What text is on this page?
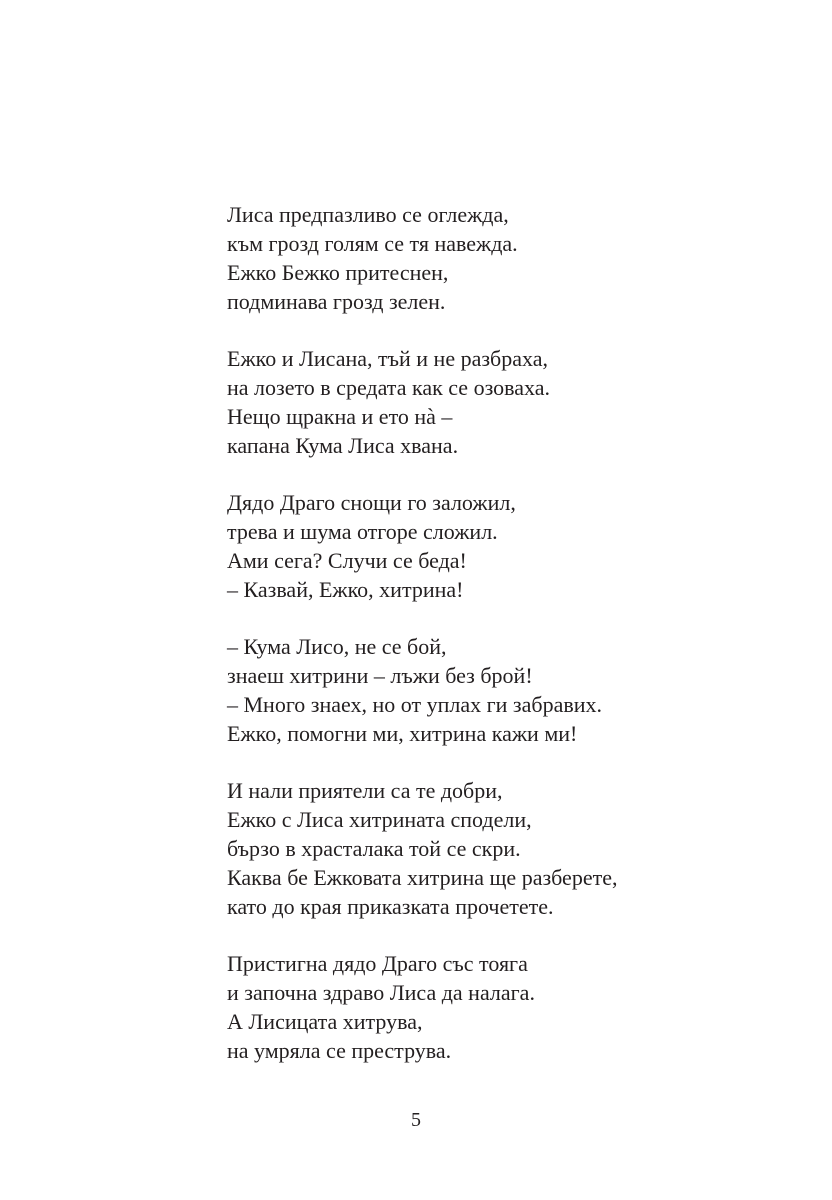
Лиса предпазливо се оглежда,
към грозд голям се тя навежда.
Ежко Бежко притеснен,
подминава грозд зелен.
Ежко и Лисана, тъй и не разбраха,
на лозето в средата как се озоваха.
Нещо щракна и ето нà –
капана Кума Лиса хвана.
Дядо Драго снощи го заложил,
трева и шума отгоре сложил.
Ами сега? Случи се беда!
– Казвай, Ежко, хитрина!
– Кума Лисо, не се бой,
знаеш хитрини – лъжи без брой!
– Много знаех, но от уплах ги забравих.
Ежко, помогни ми, хитрина кажи ми!
И нали приятели са те добри,
Ежко с Лиса хитрината сподели,
бързо в храсталака той се скри.
Каква бе Ежковата хитрина ще разберете,
като до края приказката прочетете.
Пристигна дядо Драго със тояга
и започна здраво Лиса да налага.
А Лисицата хитрува,
на умряла се преструва.
5
